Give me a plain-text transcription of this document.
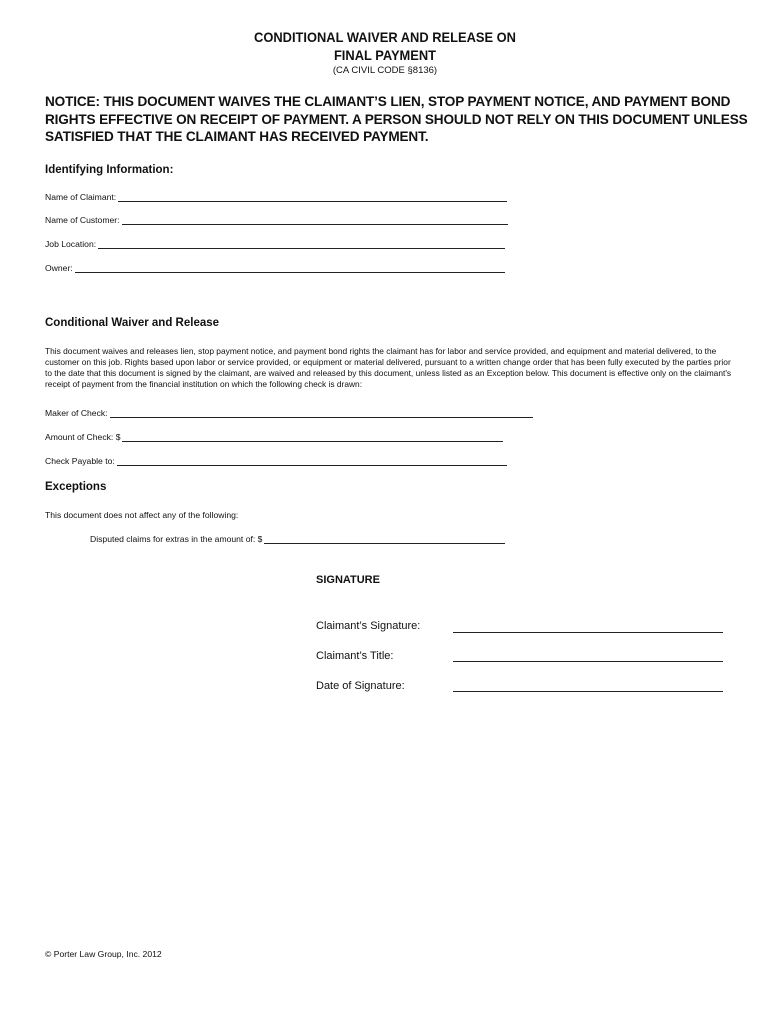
CONDITIONAL WAIVER AND RELEASE ON
FINAL PAYMENT
(CA CIVIL CODE §8136)
NOTICE: THIS DOCUMENT WAIVES THE CLAIMANT’S LIEN, STOP PAYMENT NOTICE, AND PAYMENT BOND
RIGHTS EFFECTIVE ON RECEIPT OF PAYMENT. A PERSON SHOULD NOT RELY ON THIS DOCUMENT UNLESS
SATISFIED THAT THE CLAIMANT HAS RECEIVED PAYMENT.
Identifying Information:
Name of Claimant:
Name of Customer:
Job Location:
Owner:
Conditional Waiver and Release
This document waives and releases lien, stop payment notice, and payment bond rights the claimant has for labor and service provided, and equipment and material delivered, to the
customer on this job. Rights based upon labor or service provided, or equipment or material delivered, pursuant to a written change order that has been fully executed by the parties prior
to the date that this document is signed by the claimant, are waived and released by this document, unless listed as an Exception below. This document is effective only on the claimant's
receipt of payment from the financial institution on which the following check is drawn:
Maker of Check:
Amount of Check: $
Check Payable to:
Exceptions
This document does not affect any of the following:
Disputed claims for extras in the amount of: $
SIGNATURE
Claimant’s Signature:
Claimant’s Title:
Date of Signature:
© Porter Law Group, Inc. 2012
